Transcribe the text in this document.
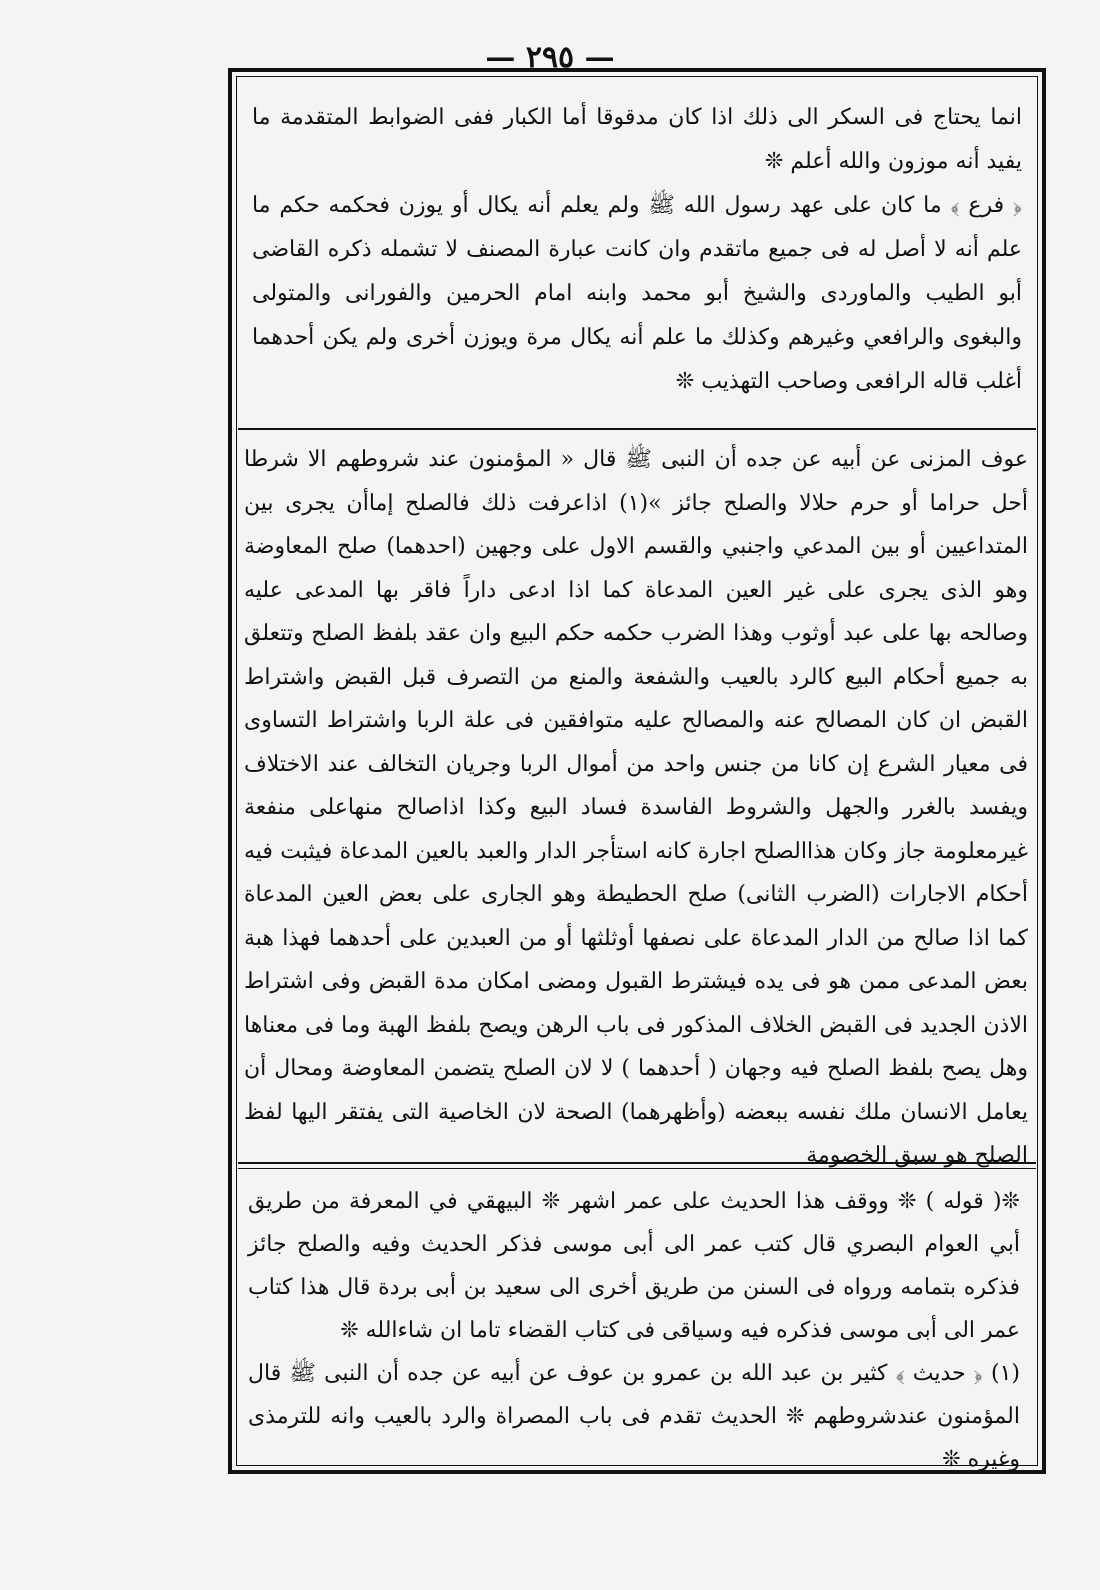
— ٢٩٥ —

انما يحتاج فى السكر الى ذلك اذا كان مدقوقا أما الكبار ففى الضوابط المتقدمة ما يفيد أنه موزون والله أعلم ❊

﴿ فرع ﴾ ما كان على عهد رسول الله ﷺ ولم يعلم أنه يكال أو يوزن فحكمه حكم ما علم أنه لا أصل له فى جميع ماتقدم وان كانت عبارة المصنف لا تشمله ذكره القاضى أبو الطيب والماوردى والشيخ أبو محمد وابنه امام الحرمين والفورانى والمتولى والبغوى والرافعي وغيرهم وكذلك ما علم أنه يكال مرة ويوزن أخرى ولم يكن أحدهما أغلب قاله الرافعى وصاحب التهذيب ❊

عوف المزنى عن أبيه عن جده أن النبى ﷺ قال « المؤمنون عند شروطهم الا شرطا أحل حراما أو حرم حلالا والصلح جائز »(١) اذاعرفت ذلك فالصلح إماأن يجرى بين المتداعيين أو بين المدعي واجنبي والقسم الاول على وجهين (احدهما) صلح المعاوضة وهو الذى يجرى على غير العين المدعاة كما اذا ادعى داراً فاقر بها المدعى عليه وصالحه بها على عبد أوثوب وهذا الضرب حكمه حكم البيع وان عقد بلفظ الصلح وتتعلق به جميع أحكام البيع كالرد بالعيب والشفعة والمنع من التصرف قبل القبض واشتراط القبض ان كان المصالح عنه والمصالح عليه متوافقين فى علة الربا واشتراط التساوى فى معيار الشرع إن كانا من جنس واحد من أموال الربا وجريان التخالف عند الاختلاف ويفسد بالغرر والجهل والشروط الفاسدة فساد البيع وكذا اذاصالح منهاعلى منفعة غيرمعلومة جاز وكان هذاالصلح اجارة كانه استأجر الدار والعبد بالعين المدعاة فيثبت فيه أحكام الاجارات (الضرب الثانى) صلح الحطيطة وهو الجارى على بعض العين المدعاة كما اذا صالح من الدار المدعاة على نصفها أوثلثها أو من العبدين على أحدهما فهذا هبة بعض المدعى ممن هو فى يده فيشترط القبول ومضى امكان مدة القبض وفى اشتراط الاذن الجديد فى القبض الخلاف المذكور فى باب الرهن ويصح بلفظ الهبة وما فى معناها وهل يصح بلفظ الصلح فيه وجهان ( أحدهما ) لا لان الصلح يتضمن المعاوضة ومحال أن يعامل الانسان ملك نفسه ببعضه (وأظهرهما) الصحة لان الخاصية التى يفتقر اليها لفظ الصلح هو سبق الخصومة

❊( قوله ) ❊ ووقف هذا الحديث على عمر اشهر ❊ البيهقي في المعرفة من طريق أبي العوام البصري قال كتب عمر الى أبى موسى فذكر الحديث وفيه والصلح جائز فذكره بتمامه ورواه فى السنن من طريق أخرى الى سعيد بن أبى بردة قال هذا كتاب عمر الى أبى موسى فذكره فيه وسياقى فى كتاب القضاء تاما ان شاءالله ❊

(١) ﴿ حديث ﴾ كثير بن عبد الله بن عمرو بن عوف عن أبيه عن جده أن النبى ﷺ قال المؤمنون عندشروطهم ❊ الحديث تقدم فى باب المصراة والرد بالعيب وانه للترمذى وغيره ❊
